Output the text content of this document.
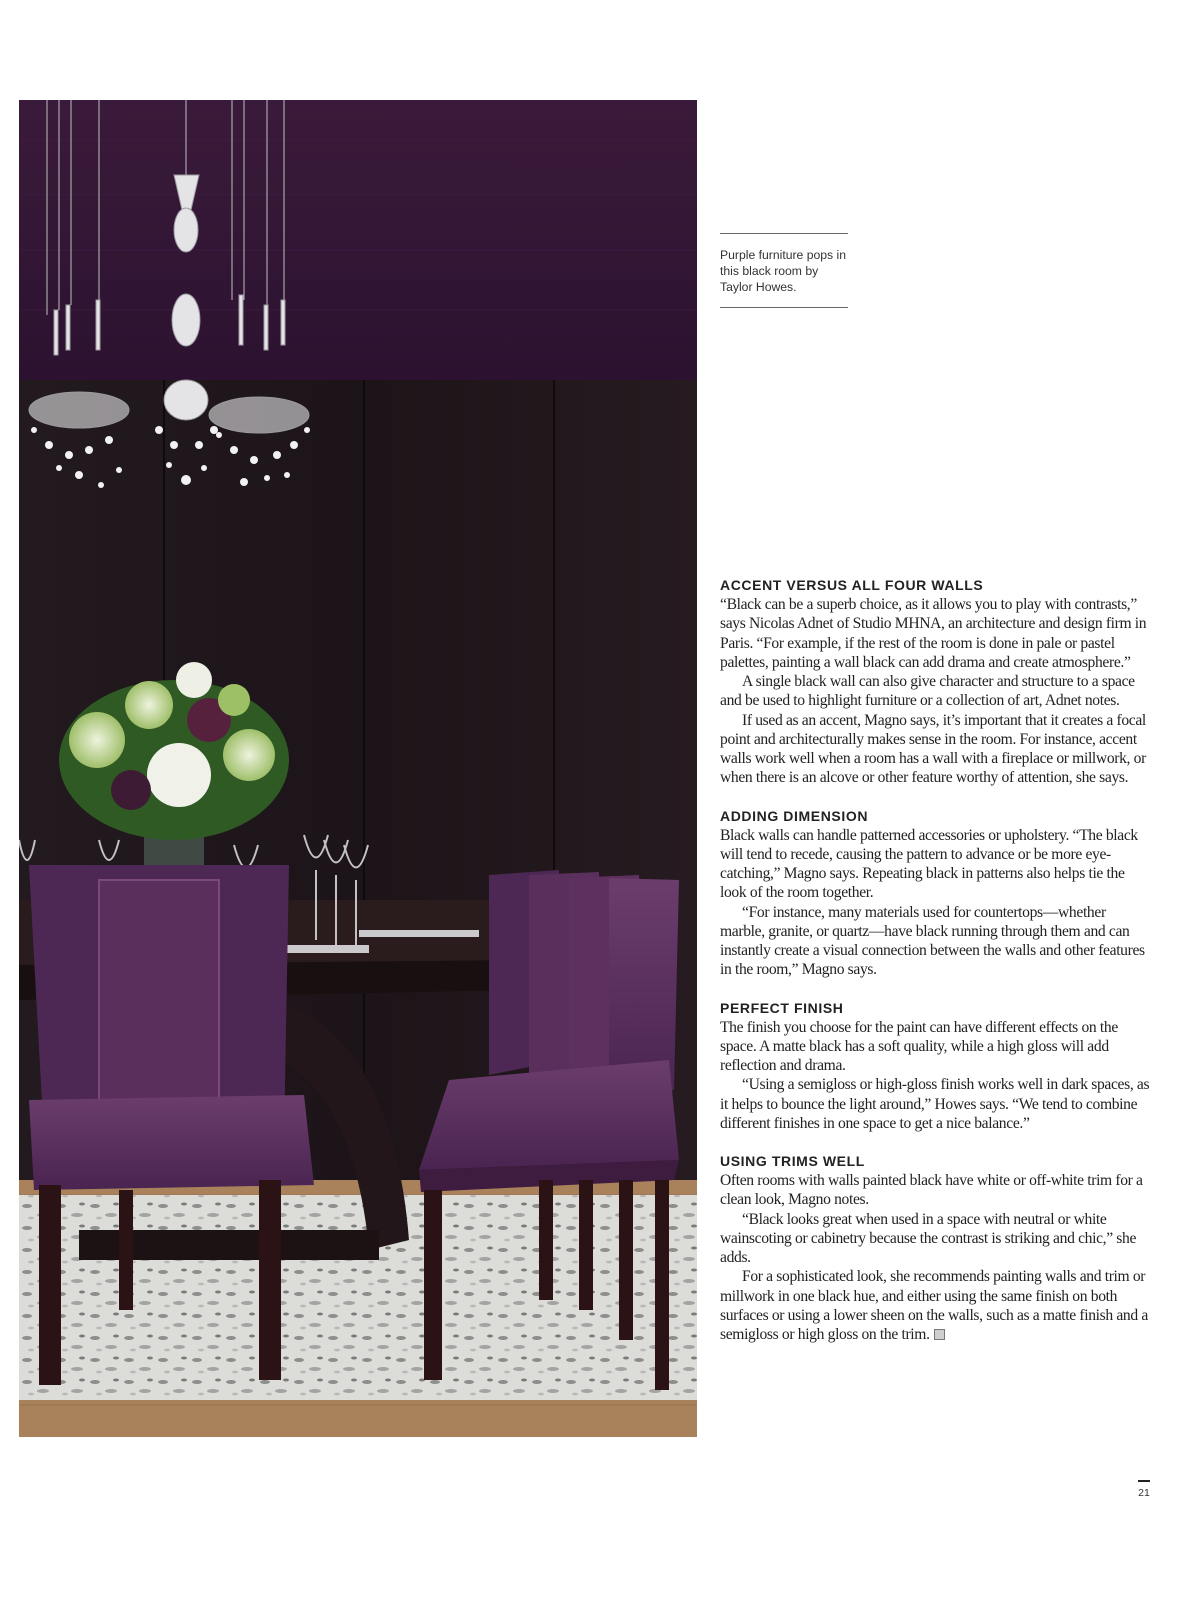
Purple furniture pops in this black room by Taylor Howes.
ACCENT VERSUS ALL FOUR WALLS

“Black can be a superb choice, as it allows you to play with contrasts,” says Nicolas Adnet of Studio MHNA, an architecture and design firm in Paris. “For example, if the rest of the room is done in pale or pastel palettes, painting a wall black can add drama and create atmosphere.”

A single black wall can also give character and structure to a space and be used to highlight furniture or a collection of art, Adnet notes.

If used as an accent, Magno says, it’s important that it creates a focal point and architecturally makes sense in the room. For instance, accent walls work well when a room has a wall with a fireplace or millwork, or when there is an alcove or other feature worthy of attention, she says.

ADDING DIMENSION

Black walls can handle patterned accessories or upholstery. “The black will tend to recede, causing the pattern to advance or be more eye-catching,” Magno says. Repeating black in patterns also helps tie the look of the room together.

“For instance, many materials used for countertops—whether marble, granite, or quartz—have black running through them and can instantly create a visual connection between the walls and other features in the room,” Magno says.

PERFECT FINISH

The finish you choose for the paint can have different effects on the space. A matte black has a soft quality, while a high gloss will add reflection and drama.

“Using a semigloss or high-gloss finish works well in dark spaces, as it helps to bounce the light around,” Howes says. “We tend to combine different finishes in one space to get a nice balance.”

USING TRIMS WELL

Often rooms with walls painted black have white or off-white trim for a clean look, Magno notes.

“Black looks great when used in a space with neutral or white wainscoting or cabinetry because the contrast is striking and chic,” she adds.

For a sophisticated look, she recommends painting walls and trim or millwork in one black hue, and either using the same finish on both surfaces or using a lower sheen on the walls, such as a matte finish and a semigloss or high gloss on the trim.

21
